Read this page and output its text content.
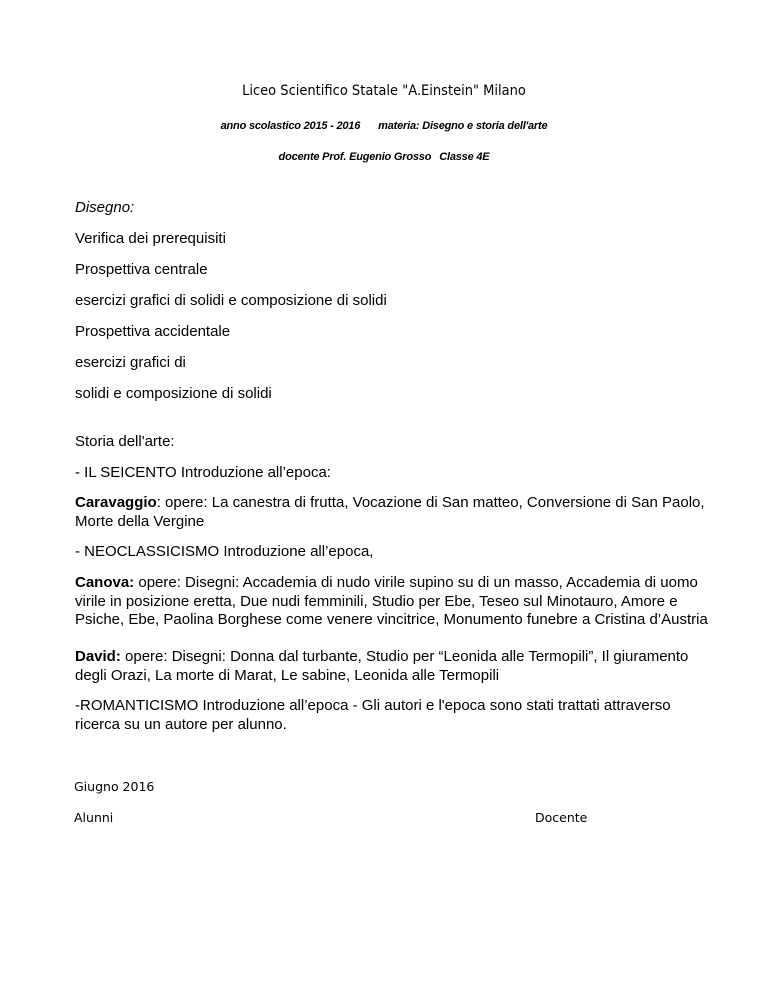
Liceo Scientifico Statale "A.Einstein" Milano
anno scolastico 2015 - 2016 materia: Disegno e storia dell'arte
docente Prof. Eugenio Grosso Classe 4E
Disegno:
Verifica dei prerequisiti
Prospettiva centrale
esercizi grafici di solidi e composizione di solidi
Prospettiva accidentale
esercizi grafici di
solidi e composizione di solidi
Storia dell'arte:
- IL SEICENTO Introduzione all’epoca:
Caravaggio: opere: La canestra di frutta, Vocazione di San matteo, Conversione di San Paolo, Morte della Vergine
- NEOCLASSICISMO Introduzione all’epoca,
Canova: opere: Disegni: Accademia di nudo virile supino su di un masso, Accademia di uomo virile in posizione eretta, Due nudi femminili, Studio per Ebe, Teseo sul Minotauro, Amore e Psiche, Ebe, Paolina Borghese come venere vincitrice, Monumento funebre a Cristina d’Austria
David: opere: Disegni: Donna dal turbante, Studio per “Leonida alle Termopili”, Il giuramento degli Orazi, La morte di Marat, Le sabine, Leonida alle Termopili
-ROMANTICISMO Introduzione all’epoca - Gli autori e l'epoca sono stati trattati attraverso ricerca su un autore per alunno.
Giugno 2016
Alunni	Docente
